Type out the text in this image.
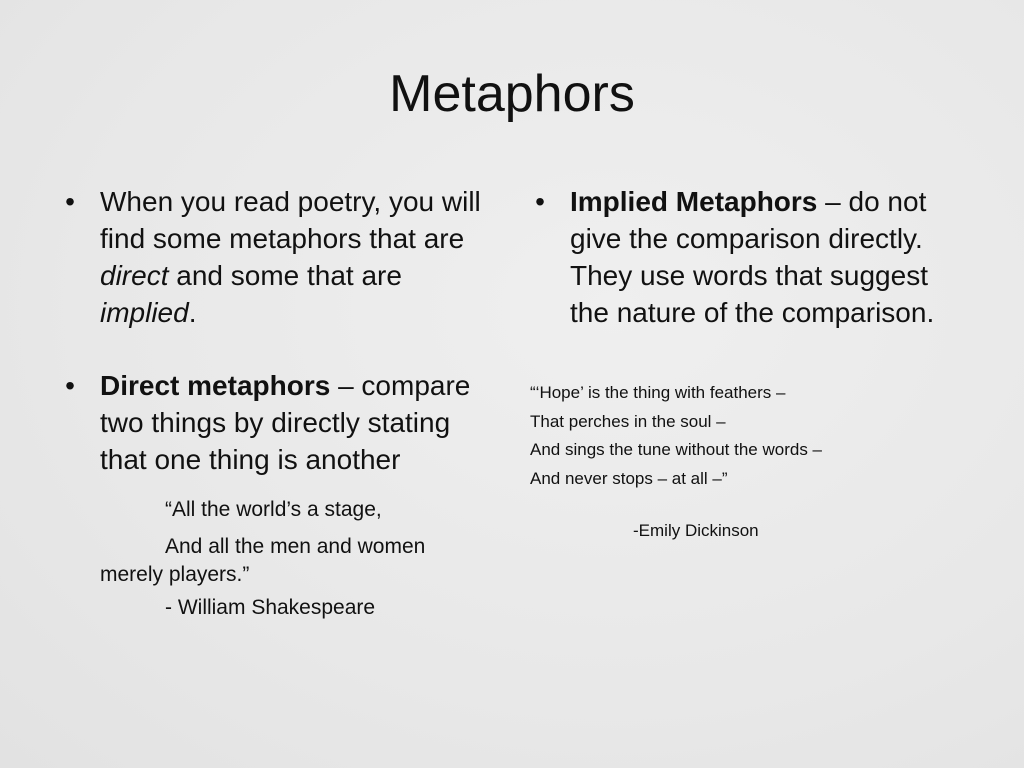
Metaphors
• When you read poetry, you will find some metaphors that are direct and some that are implied.
• Direct metaphors – compare two things by directly stating that one thing is another
“All the world’s a stage,
And all the men and women
merely players.”
- William Shakespeare
• Implied Metaphors – do not give the comparison directly. They use words that suggest the nature of the comparison.
“‘Hope’ is the thing with feathers –
That perches in the soul –
And sings the tune without the words –
And never stops – at all –”
-Emily Dickinson
